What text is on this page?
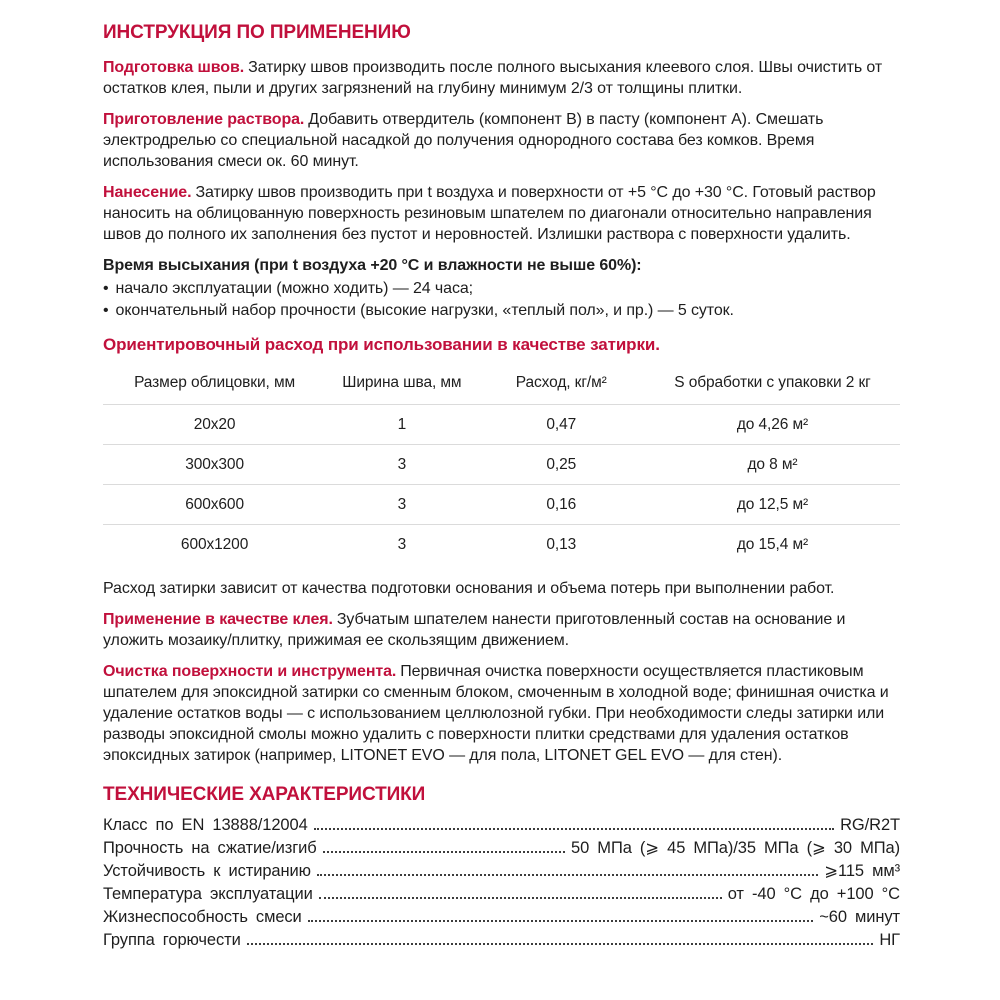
ИНСТРУКЦИЯ ПО ПРИМЕНЕНИЮ

Подготовка швов. Затирку швов производить после полного высыхания клеевого слоя. Швы очистить от остатков клея, пыли и других загрязнений на глубину минимум 2/3 от толщины плитки.

Приготовление раствора. Добавить отвердитель (компонент В) в пасту (компонент А). Смешать электродрелью со специальной насадкой до получения однородного состава без комков. Время использования смеси ок. 60 минут.

Нанесение. Затирку швов производить при t воздуха и поверхности от +5 °С до +30 °С. Готовый раствор наносить на облицованную поверхность резиновым шпателем по диагонали относительно направления швов до полного их заполнения без пустот и неровностей. Излишки раствора с поверхности удалить.

Время высыхания (при t воздуха +20 °С и влажности не выше 60%):

• начало эксплуатации (можно ходить) — 24 часа;
• окончательный набор прочности (высокие нагрузки, «теплый пол», и пр.) — 5 суток.

Ориентировочный расход при использовании в качестве затирки.

Размер облицовки, мм	Ширина шва, мм	Расход, кг/м²	S обработки с упаковки 2 кг
20x20	1	0,47	до 4,26 м²
300x300	3	0,25	до 8 м²
600x600	3	0,16	до 12,5 м²
600x1200	3	0,13	до 15,4 м²

Расход затирки зависит от качества подготовки основания и объема потерь при выполнении работ.

Применение в качестве клея. Зубчатым шпателем нанести приготовленный состав на основание и уложить мозаику/плитку, прижимая ее скользящим движением.

Очистка поверхности и инструмента. Первичная очистка поверхности осуществляется пластиковым шпателем для эпоксидной затирки со сменным блоком, смоченным в холодной воде; финишная очистка и удаление остатков воды — с использованием целлюлозной губки. При необходимости следы затирки или разводы эпоксидной смолы можно удалить с поверхности плитки средствами для удаления остатков эпоксидных затирок (например, LITONET EVO — для пола, LITONET GEL EVO — для стен).

ТЕХНИЧЕСКИЕ ХАРАКТЕРИСТИКИ
Класс по EN 13888/12004	RG/R2T
Прочность на сжатие/изгиб	50 МПа (⩾ 45 МПа)/35 МПа (⩾ 30 МПа)
Устойчивость к истиранию	⩾115 мм³
Температура эксплуатации	от -40 °С до +100 °С
Жизнеспособность смеси	~60 минут
Группа горючести	НГ
